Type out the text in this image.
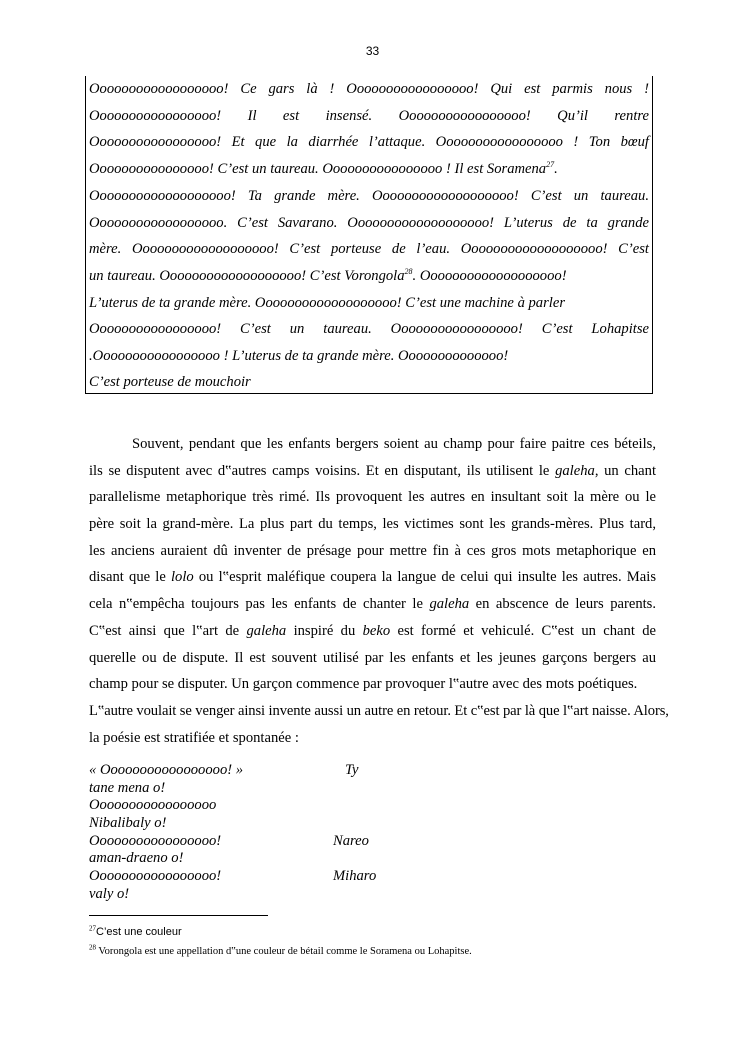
33
Oooooooooooooooooo! Ce gars là ! Ooooooooooooooooo! Qui est parmis nous !
Ooooooooooooooooo! Il est insensé. Ooooooooooooooooo! Qu’il rentre
Ooooooooooooooooo! Et que la diarrhée l’attaque. Ooooooooooooooooo ! Ton bœuf
Oooooooooooooooo! C’est un taureau. Oooooooooooooooo ! Il est Soramena$^{27}$.
Ooooooooooooooooooo! Ta grande mère. Ooooooooooooooooooo! C’est un taureau.
Oooooooooooooooooo. C’est Savarano. Ooooooooooooooooooo! L’uterus de ta grande
mère. Ooooooooooooooooooo! C’est porteuse de l’eau. Ooooooooooooooooooo! C’est
un taureau. Ooooooooooooooooooo! C’est Vorongola$^{28}$. Ooooooooooooooooooo!
L’uterus de ta grande mère. Ooooooooooooooooooo! C’est une machine à parler
Ooooooooooooooooo! C’est un taureau. Ooooooooooooooooo! C’est Lohapitse
.Ooooooooooooooooo ! L’uterus de ta grande mère. Oooooooooooooo!
C’est porteuse de mouchoir
Souvent, pendant que les enfants bergers soient au champ pour faire paitre ces béteils,
ils se disputent avec d‟autres camps voisins. Et en disputant, ils utilisent le galeha, un chant
parallelisme metaphorique très rimé. Ils provoquent les autres en insultant soit la mère ou le
père soit la grand-mère. La plus part du temps, les victimes sont les grands-mères. Plus tard,
les anciens auraient dû inventer de présage pour mettre fin à ces gros mots metaphorique en
disant que le lolo ou l‟esprit maléfique coupera la langue de celui qui insulte les autres. Mais
cela n‟empêcha toujours pas les enfants de chanter le galeha en abscence de leurs parents.
C‟est ainsi que l‟art de galeha inspiré du beko est formé et vehiculé. C‟est un chant de
querelle ou de dispute. Il est souvent utilisé par les enfants et les jeunes garçons bergers au
champ pour se disputer. Un garçon commence par provoquer l‟autre avec des mots poétiques.
L‟autre voulait se venger ainsi invente aussi un autre en retour. Et c‟est par là que l‟art naisse. Alors,
la poésie est stratifiée et spontanée :
« Ooooooooooooooooo! »	Ty
tane mena o!
Ooooooooooooooooo
Nibalibaly o!
Ooooooooooooooooo!	Nareo
aman-draeno o!
Ooooooooooooooooo!	Miharo
valy o!
$^{27}$C’est une couleur
$^{28}$ Vorongola est une appellation d‟une couleur de bétail comme le Soramena ou Lohapitse.
